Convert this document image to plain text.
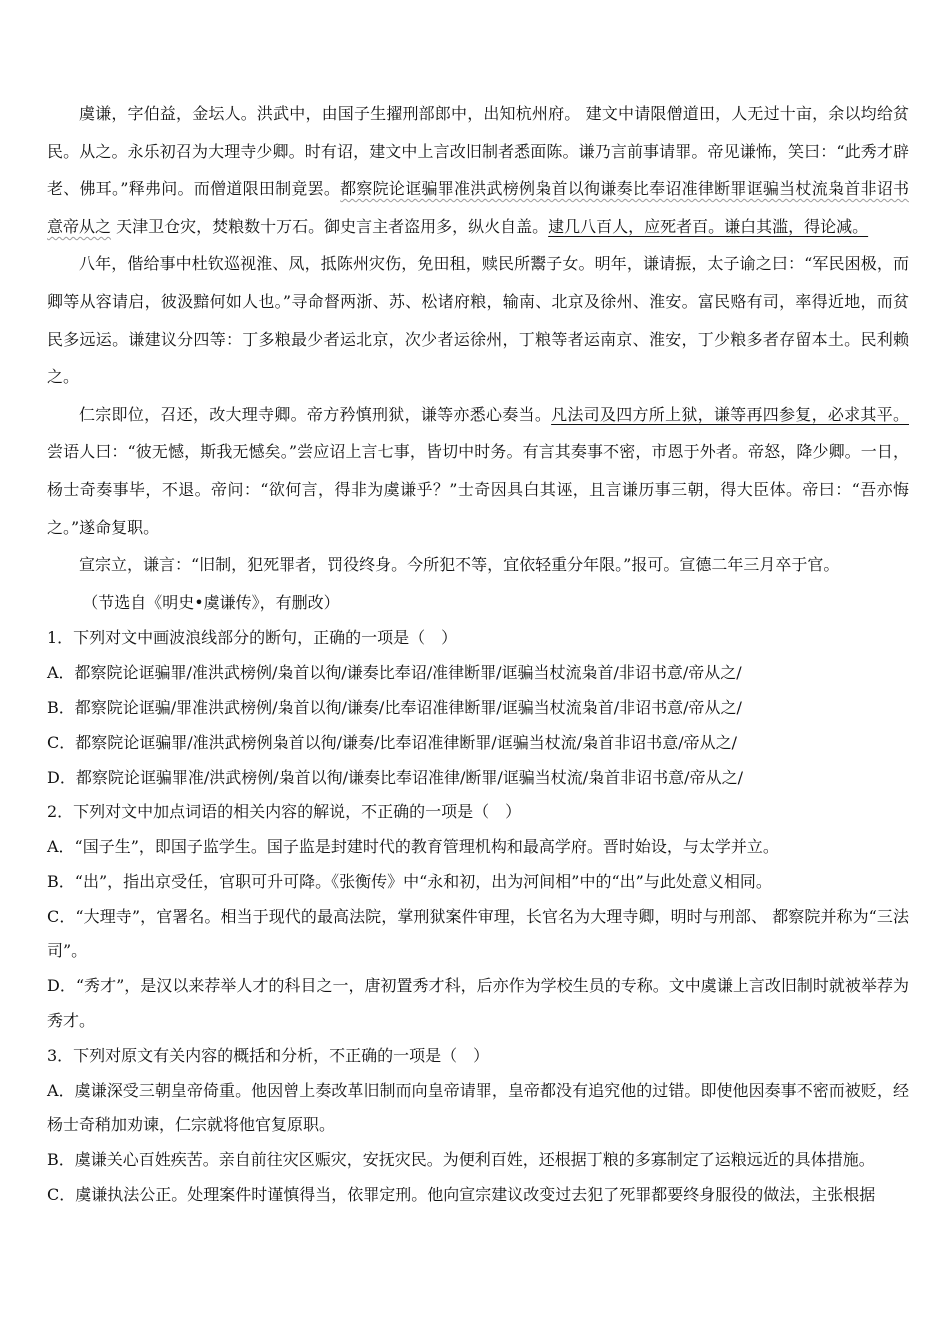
虞谦，字伯益，金坛人。洪武中，由国子生擢刑部郎中，出知杭州府。 建文中请限僧道田，人无过十亩，余以均给贫民。从之。永乐初召为大理寺少卿。时有诏，建文中上言改旧制者悉面陈。谦乃言前事请罪。帝见谦怖，笑曰：“此秀才辟老、佛耳。”释弗问。而僧道限田制竟罢。都察院论诓骗罪准洪武榜例枭首以徇谦奏比奉诏准律断罪诓骗当杖流枭首非诏书意帝从之 天津卫仓灾，焚粮数十万石。御史言主者盗用多，纵火自盖。逮几八百人，应死者百。谦白其滥，得论减。

八年，偕给事中杜钦巡视淮、凤，抵陈州灾伤，免田租，赎民所鬻子女。明年，谦请振，太子谕之曰：“军民困极，而卿等从容请启，彼汲黯何如人也。”寻命督两浙、苏、松诸府粮，输南、北京及徐州、淮安。富民赂有司，率得近地，而贫民多远运。谦建议分四等：丁多粮最少者运北京，次少者运徐州，丁粮等者运南京、淮安，丁少粮多者存留本土。民利赖之。

仁宗即位，召还，改大理寺卿。帝方矜慎刑狱，谦等亦悉心奏当。凡法司及四方所上狱，谦等再四参复，必求其平。尝语人曰：“彼无憾，斯我无憾矣。”尝应诏上言七事，皆切中时务。有言其奏事不密，市恩于外者。帝怒，降少卿。一日，杨士奇奏事毕，不退。帝问：“欲何言，得非为虞谦乎？”士奇因具白其诬，且言谦历事三朝，得大臣体。帝曰：“吾亦悔之。”遂命复职。

宣宗立，谦言：“旧制，犯死罪者，罚役终身。今所犯不等，宜依轻重分年限。”报可。宣德二年三月卒于官。

（节选自《明史•虞谦传》，有删改）

1．下列对文中画波浪线部分的断句，正确的一项是（　）

A．都察院论诓骗罪/准洪武榜例/枭首以徇/谦奏比奉诏/准律断罪/诓骗当杖流枭首/非诏书意/帝从之/

B．都察院论诓骗/罪准洪武榜例/枭首以徇/谦奏/比奉诏准律断罪/诓骗当杖流枭首/非诏书意/帝从之/

C．都察院论诓骗罪/准洪武榜例枭首以徇/谦奏/比奉诏准律断罪/诓骗当杖流/枭首非诏书意/帝从之/

D．都察院论诓骗罪准/洪武榜例/枭首以徇/谦奏比奉诏准律/断罪/诓骗当杖流/枭首非诏书意/帝从之/

2．下列对文中加点词语的相关内容的解说，不正确的一项是（　）

A．“国子生”，即国子监学生。国子监是封建时代的教育管理机构和最高学府。晋时始设，与太学并立。

B．“出”，指出京受任，官职可升可降。《张衡传》中“永和初，出为河间相”中的“出”与此处意义相同。

C．“大理寺”，官署名。相当于现代的最高法院，掌刑狱案件审理，长官名为大理寺卿，明时与刑部、 都察院并称为“三法司”。

D．“秀才”，是汉以来荐举人才的科目之一，唐初置秀才科，后亦作为学校生员的专称。文中虞谦上言改旧制时就被举荐为秀才。

3．下列对原文有关内容的概括和分析，不正确的一项是（　）

A．虞谦深受三朝皇帝倚重。他因曾上奏改革旧制而向皇帝请罪，皇帝都没有追究他的过错。即使他因奏事不密而被贬，经杨士奇稍加劝谏，仁宗就将他官复原职。

B．虞谦关心百姓疾苦。亲自前往灾区赈灾，安抚灾民。为便利百姓，还根据丁粮的多寡制定了运粮远近的具体措施。

C．虞谦执法公正。处理案件时谨慎得当，依罪定刑。他向宣宗建议改变过去犯了死罪都要终身服役的做法，主张根据
